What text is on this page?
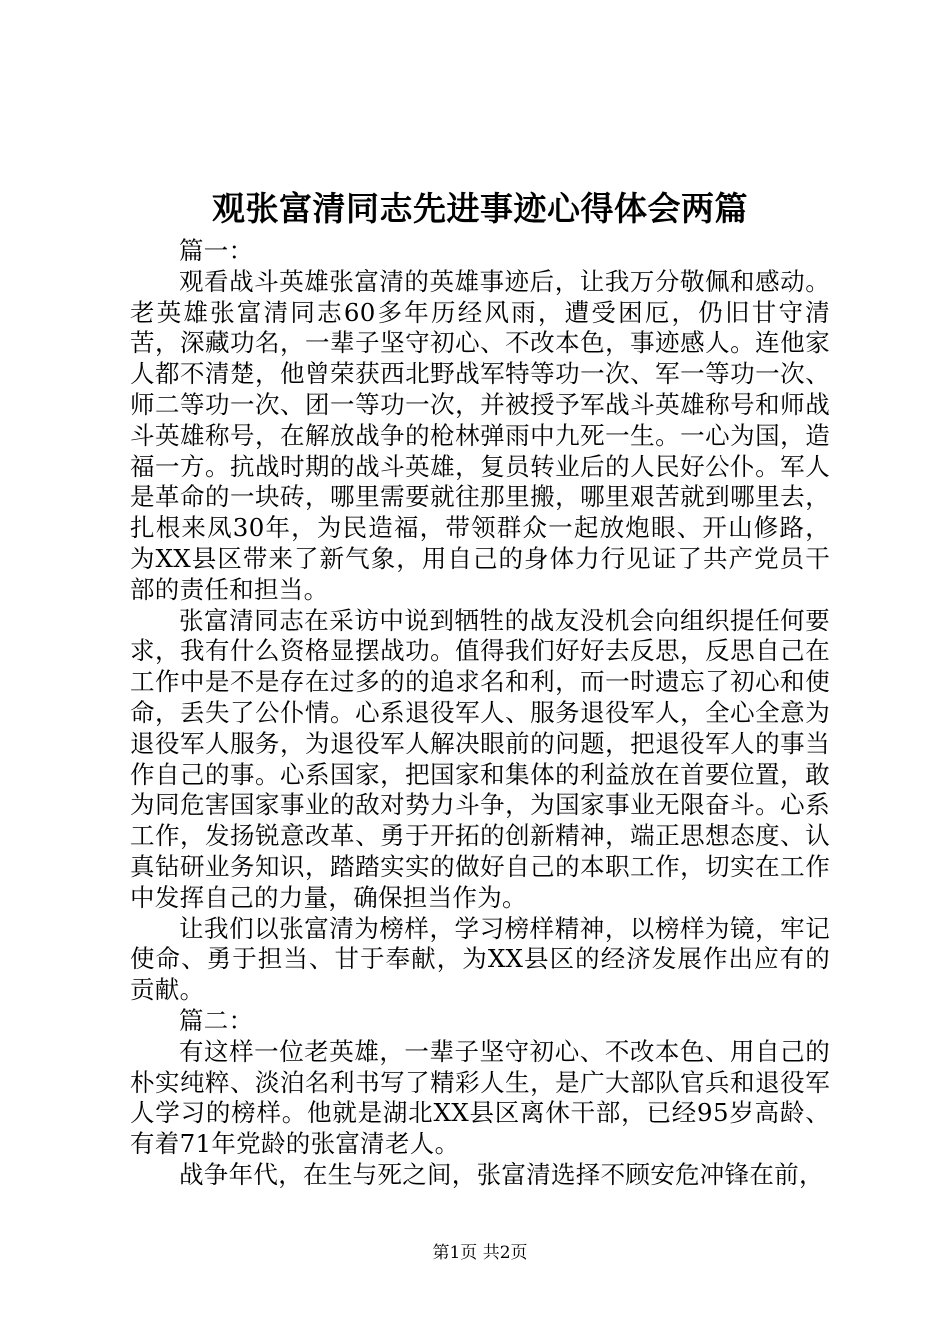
观张富清同志先进事迹心得体会两篇

篇一：

观看战斗英雄张富清的英雄事迹后，让我万分敬佩和感动。老英雄张富清同志60多年历经风雨，遭受困厄，仍旧甘守清苦，深藏功名，一辈子坚守初心、不改本色，事迹感人。连他家人都不清楚，他曾荣获西北野战军特等功一次、军一等功一次、师二等功一次、团一等功一次，并被授予军战斗英雄称号和师战斗英雄称号，在解放战争的枪林弹雨中九死一生。一心为国，造福一方。抗战时期的战斗英雄，复员转业后的人民好公仆。军人是革命的一块砖，哪里需要就往那里搬，哪里艰苦就到哪里去，扎根来凤30年，为民造福，带领群众一起放炮眼、开山修路，为XX县区带来了新气象，用自己的身体力行见证了共产党员干部的责任和担当。

张富清同志在采访中说到牺牲的战友没机会向组织提任何要求，我有什么资格显摆战功。值得我们好好去反思，反思自己在工作中是不是存在过多的的追求名和利，而一时遗忘了初心和使命，丢失了公仆情。心系退役军人、服务退役军人，全心全意为退役军人服务，为退役军人解决眼前的问题，把退役军人的事当作自己的事。心系国家，把国家和集体的利益放在首要位置，敢为同危害国家事业的敌对势力斗争，为国家事业无限奋斗。心系工作，发扬锐意改革、勇于开拓的创新精神，端正思想态度、认真钻研业务知识，踏踏实实的做好自己的本职工作，切实在工作中发挥自己的力量，确保担当作为。

让我们以张富清为榜样，学习榜样精神，以榜样为镜，牢记使命、勇于担当、甘于奉献，为XX县区的经济发展作出应有的贡献。

篇二：

有这样一位老英雄，一辈子坚守初心、不改本色、用自己的朴实纯粹、淡泊名利书写了精彩人生，是广大部队官兵和退役军人学习的榜样。他就是湖北XX县区离休干部，已经95岁高龄、有着71年党龄的张富清老人。

战争年代，在生与死之间，张富清选择不顾安危冲锋在前，

第1页 共2页
